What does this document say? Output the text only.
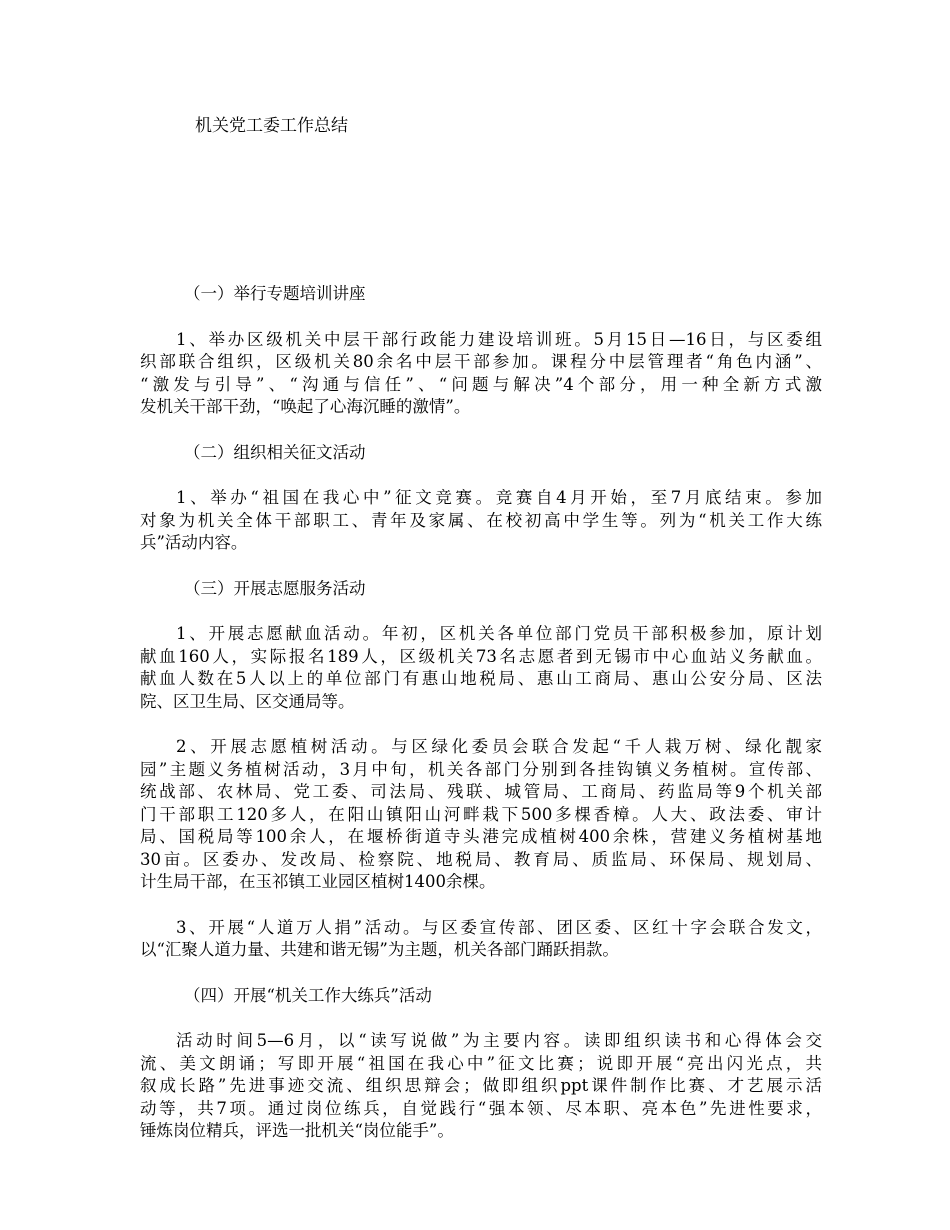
机关党工委工作总结

（一）举行专题培训讲座

1、举办区级机关中层干部行政能力建设培训班。5月15日—16日，与区委组
织部联合组织，区级机关80余名中层干部参加。课程分中层管理者“角色内涵”、
“激发与引导”、“沟通与信任”、“问题与解决”4个部分，用一种全新方式激
发机关干部干劲，“唤起了心海沉睡的激情”。

（二）组织相关征文活动

1、举办“祖国在我心中”征文竞赛。竞赛自4月开始，至7月底结束。参加
对象为机关全体干部职工、青年及家属、在校初高中学生等。列为“机关工作大练
兵”活动内容。

（三）开展志愿服务活动

1、开展志愿献血活动。年初，区机关各单位部门党员干部积极参加，原计划
献血160人，实际报名189人，区级机关73名志愿者到无锡市中心血站义务献血。
献血人数在5人以上的单位部门有惠山地税局、惠山工商局、惠山公安分局、区法
院、区卫生局、区交通局等。

2、开展志愿植树活动。与区绿化委员会联合发起“千人栽万树、绿化靓家
园”主题义务植树活动，3月中旬，机关各部门分别到各挂钩镇义务植树。宣传部、
统战部、农林局、党工委、司法局、残联、城管局、工商局、药监局等9个机关部
门干部职工120多人，在阳山镇阳山河畔栽下500多棵香樟。人大、政法委、审计
局、国税局等100余人，在堰桥街道寺头港完成植树400余株，营建义务植树基地
30亩。区委办、发改局、检察院、地税局、教育局、质监局、环保局、规划局、
计生局干部，在玉祁镇工业园区植树1400余棵。

3、开展“人道万人捐”活动。与区委宣传部、团区委、区红十字会联合发文，
以“汇聚人道力量、共建和谐无锡”为主题，机关各部门踊跃捐款。

（四）开展“机关工作大练兵”活动

活动时间5—6月，以“读写说做”为主要内容。读即组织读书和心得体会交
流、美文朗诵；写即开展“祖国在我心中”征文比赛；说即开展“亮出闪光点，共
叙成长路”先进事迹交流、组织思辩会；做即组织ppt课件制作比赛、才艺展示活
动等，共7项。通过岗位练兵，自觉践行“强本领、尽本职、亮本色”先进性要求，
锤炼岗位精兵，评选一批机关“岗位能手”。
